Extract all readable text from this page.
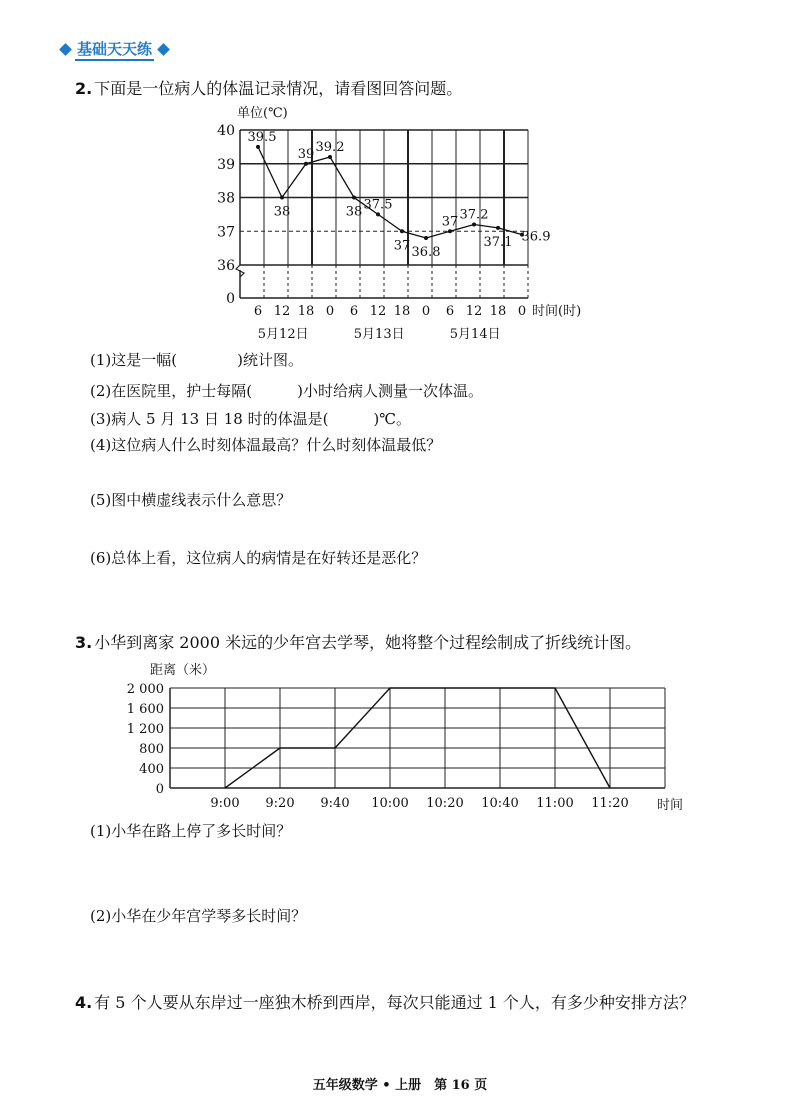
基础天天练
2. 下面是一位病人的体温记录情况，请看图回答问题。
40
39
38
37
36
0
单位(℃)
6 12 18 0 6 12 18 0 6 12 18 0 时间(时)
5月12日	5月13日	5月14日
39.5
38
39 39.2
38 37.5
37 36.8
37 37.2
37.1 36.9
(1)这是一幅(　　　　)统计图。
(2)在医院里，护士每隔(　　　)小时给病人测量一次体温。
(3)病人 5 月 13 日 18 时的体温是(　　　)℃。
(4)这位病人什么时刻体温最高？什么时刻体温最低？
(5)图中横虚线表示什么意思？
(6)总体上看，这位病人的病情是在好转还是恶化？
3. 小华到离家 2000 米远的少年宫去学琴，她将整个过程绘制成了折线统计图。
2 000
1 600
1 200
800
400
0
距离（米）
9:00 9:20 9:40 10:00 10:20 10:40 11:00 11:20 时间
(1)小华在路上停了多长时间？
(2)小华在少年宫学琴多长时间？
4. 有 5 个人要从东岸过一座独木桥到西岸，每次只能通过 1 个人，有多少种安排方法？
五年级数学 • 上册　第 16 页
